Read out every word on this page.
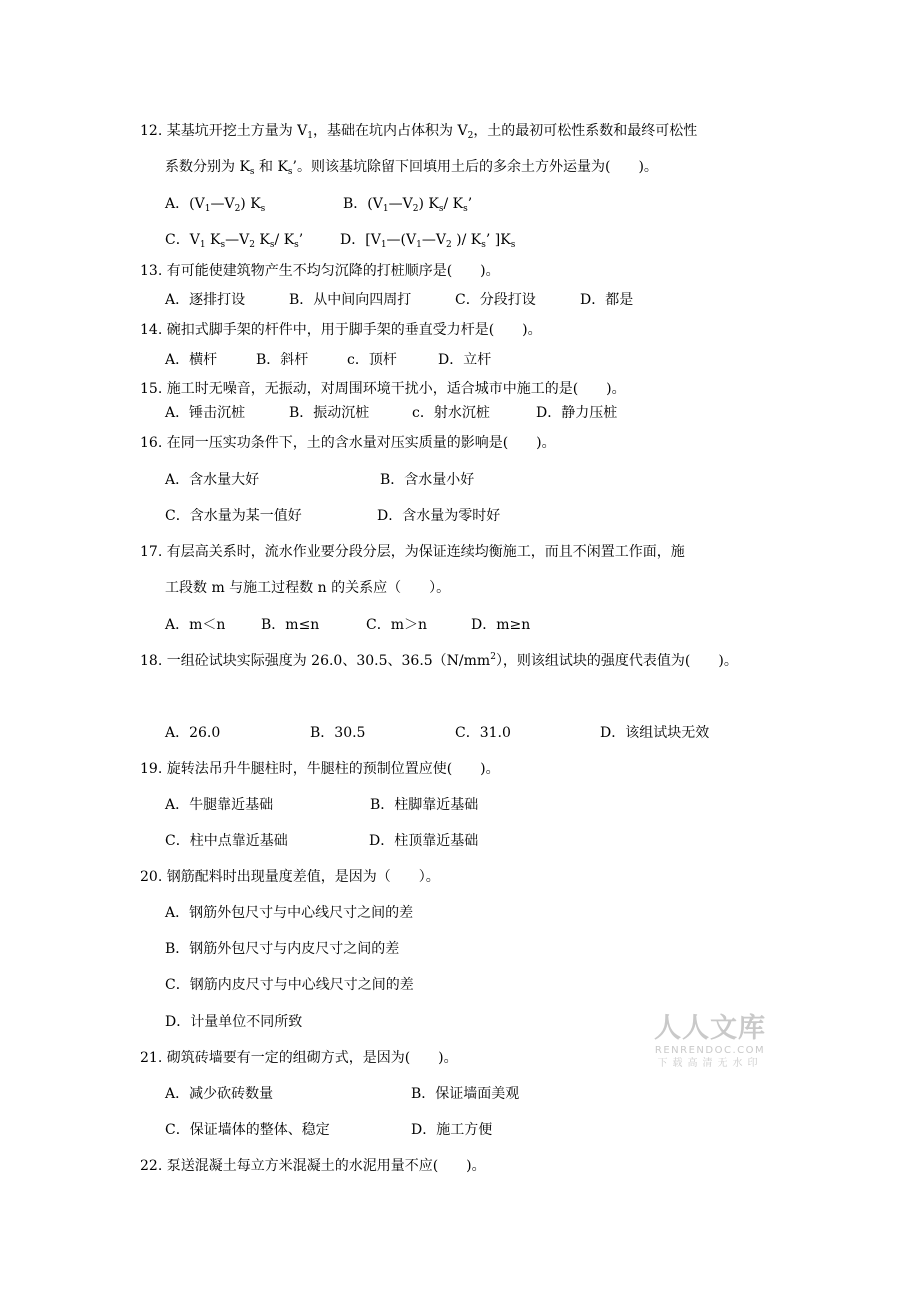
12. 某基坑开挖土方量为 $V_1$，基础在坑内占体积为 $V_2$，土的最初可松性系数和最终可松性
系数分别为 $K_s$ 和 $K_s$’。则该基坑除留下回填用土后的多余土方外运量为(　　)。
A．$(V_1—V_2)$ $K_s$	B．$(V_1—V_2)$ $K_s/$ $K_s$’
C．$V_1$ $K_s—V_2$ $K_s/$ $K_s$’	D．[$V_1—(V_1—V_2$ )/ $K_s$’ ]$K_s$
13. 有可能使建筑物产生不均匀沉降的打桩顺序是(　　)。
A．逐排打设	B．从中间向四周打	C．分段打设	D．都是
14. 碗扣式脚手架的杆件中，用于脚手架的垂直受力杆是(　　)。
A．横杆	B．斜杆	c．顶杆	D．立杆
15. 施工时无噪音，无振动，对周围环境干扰小，适合城市中施工的是(　　)。
A．锤击沉桩	B．振动沉桩	c．射水沉桩	D．静力压桩
16. 在同一压实功条件下，土的含水量对压实质量的影响是(　　)。
A．含水量大好	B．含水量小好
C．含水量为某一值好	D．含水量为零时好
17. 有层高关系时，流水作业要分段分层，为保证连续均衡施工，而且不闲置工作面，施
工段数 m 与施工过程数 n 的关系应（　　）。
A．m＜n	B．m≤n	C．m＞n	D．m≥n
18. 一组砼试块实际强度为 26.0、30.5、$36.5(N/mm^2)$，则该组试块的强度代表值为(　　)。
A．26.0	B．30.5	C．31.0	D．该组试块无效
19. 旋转法吊升牛腿柱时，牛腿柱的预制位置应使(　　)。
A．牛腿靠近基础	B．柱脚靠近基础
C．柱中点靠近基础	D．柱顶靠近基础
20. 钢筋配料时出现量度差值，是因为（　　）。
A．钢筋外包尺寸与中心线尺寸之间的差
B．钢筋外包尺寸与内皮尺寸之间的差
C．钢筋内皮尺寸与中心线尺寸之间的差
D．计量单位不同所致
21. 砌筑砖墙要有一定的组砌方式，是因为(　　)。
A．减少砍砖数量	B．保证墙面美观
C．保证墙体的整体、稳定	D．施工方便
22. 泵送混凝土每立方米混凝土的水泥用量不应(　　)。
人人文库
RENRENDOC.COM
下载高清无水印
